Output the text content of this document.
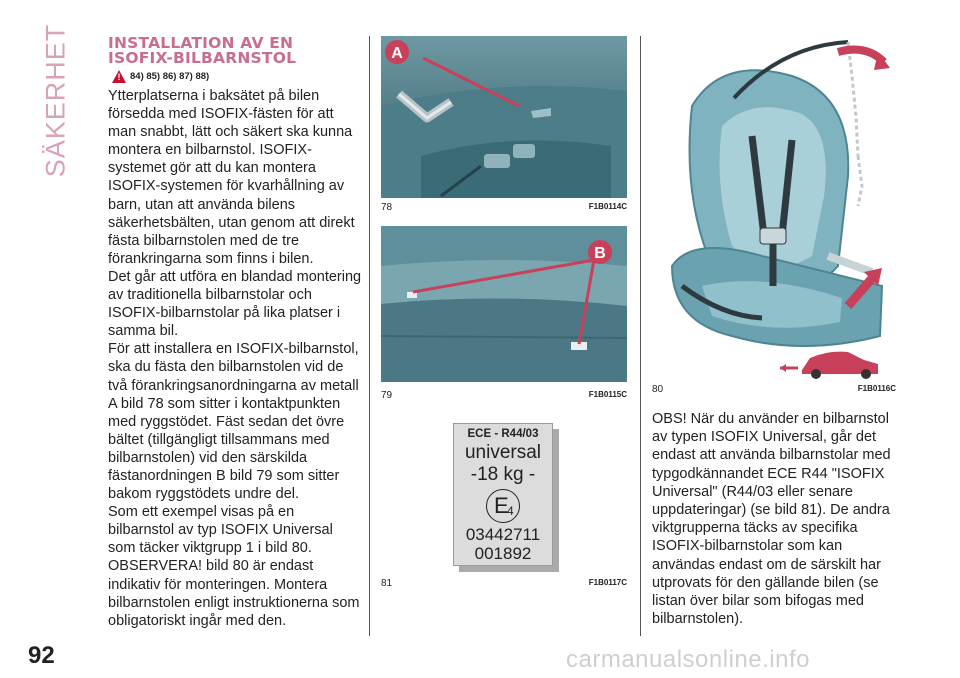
SÄKERHET
92	carmanualsonline.info
INSTALLATION AV EN
ISOFIX-BILBARNSTOL
!
84) 85) 86) 87) 88)

Ytterplatserna i baksätet på bilen försedda med ISOFIX-fästen för att man snabbt, lätt och säkert ska kunna montera en bilbarnstol. ISOFIX-systemet gör att du kan montera ISOFIX-systemen för kvarhållning av barn, utan att använda bilens säkerhetsbälten, utan genom att direkt fästa bilbarnstolen med de tre förankringarna som finns i bilen.

Det går att utföra en blandad montering av traditionella bilbarnstolar och ISOFIX-bilbarnstolar på lika platser i samma bil.

För att installera en ISOFIX-bilbarnstol, ska du fästa den bilbarnstolen vid de två förankringsanordningarna av metall A bild 78 som sitter i kontaktpunkten med ryggstödet. Fäst sedan det övre bältet (tillgängligt tillsammans med bilbarnstolen) vid den särskilda fästanordningen B bild 79 som sitter bakom ryggstödets undre del.

Som ett exempel visas på en bilbarnstol av typ ISOFIX Universal som täcker viktgrupp 1 i bild 80.

OBSERVERA! bild 80 är endast indikativ för monteringen. Montera bilbarnstolen enligt instruktionerna som obligatoriskt ingår med den.

A
78	F1B0114C
B
79	F1B0115C
81	F1B0117C
ECE - R44/03
universal
-18 kg -
E
4
03442711
001892
80	F1B0116C

OBS! När du använder en bilbarnstol av typen ISOFIX Universal, går det endast att använda bilbarnstolar med typgodkännandet ECE R44 "ISOFIX Universal" (R44/03 eller senare uppdateringar) (se bild 81). De andra viktgrupperna täcks av specifika ISOFIX-bilbarnstolar som kan användas endast om de särskilt har utprovats för den gällande bilen (se listan över bilar som bifogas med bilbarnstolen).
